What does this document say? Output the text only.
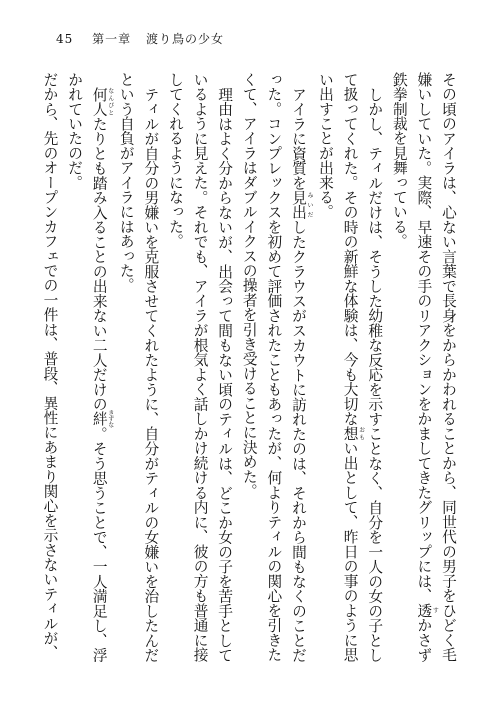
45 第一章 渡り鳥の少女

その頃のアイラは、心ない言葉で長身をからかわれることから、同世代の男子をひどく毛嫌いしていた。実際、早速その手のリアクションをかましてきたグリップには、透 すかさず鉄拳制裁を見舞っている。

しかし、ティルだけは、そうした幼稚な反応を示すことなく、自分を一人の女の子として扱ってくれた。その時の新鮮な体験は、今も大切な想 おもい出として、昨日の事のように思い出すことが出来る。

アイラに資質を見出 みいだしたクラウスがスカウトに訪れたのは、それから間もなくのことだった。コンプレックスを初めて評価されたこともあったが、何よりティルの関心を引きたくて、アイラはダブルイクスの操者を引き受けることに決めた。

理由はよく分からないが、出会って間もない頃のティルは、どこか女の子を苦手としているように見えた。それでも、アイラが根気よく話しかけ続ける内に、彼の方も普通に接してくれるようになった。

ティルが自分の男嫌いを克服させてくれたように、自分がティルの女嫌いを治したんだという自負がアイラにはあった。

何人 なんぴとたりとも踏み入ることの出来ない二人だけの絆 きずな。そう思うことで、一人満足し、浮かれていたのだ。

だから、先のオープンカフェでの一件は、普段、異性にあまり関心を示さないティルが、
